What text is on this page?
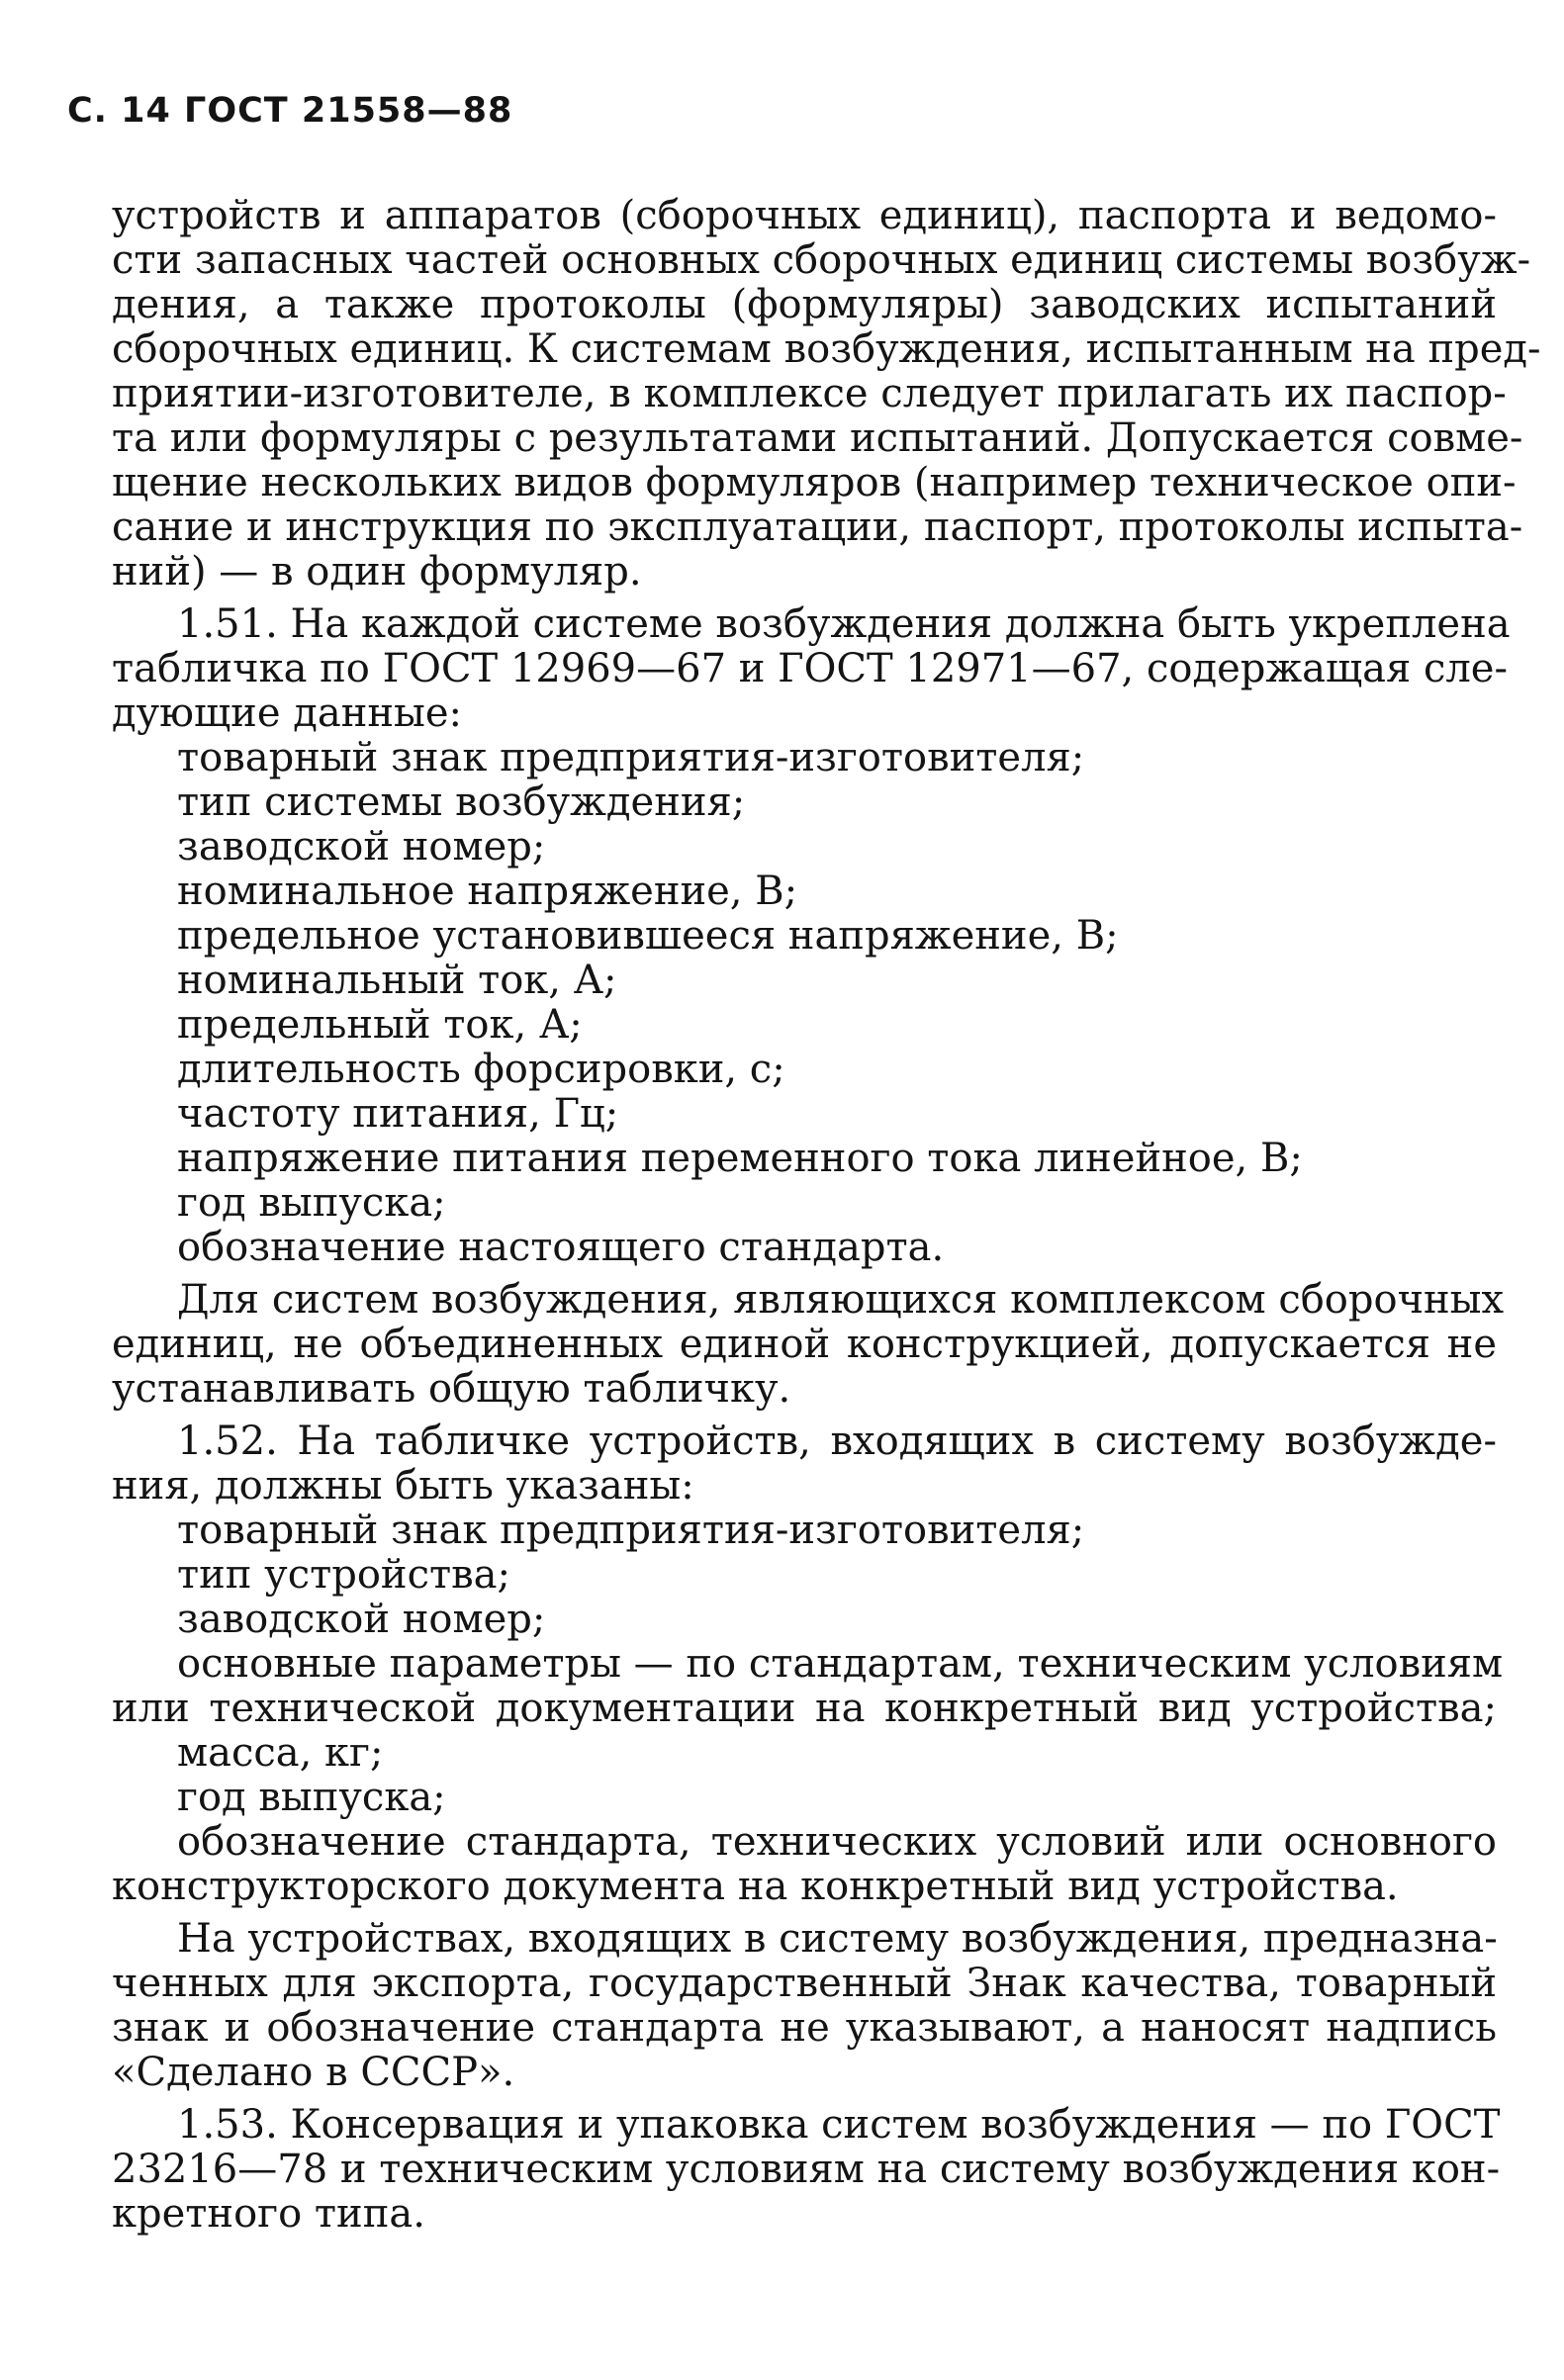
С. 14 ГОСТ 21558—88
устройств и аппаратов (сборочных единиц), паспорта и ведомо-
сти запасных частей основных сборочных единиц системы возбуж-
дения, а также протоколы (формуляры) заводских испытаний
сборочных единиц. К системам возбуждения, испытанным на пред-
приятии-изготовителе, в комплексе следует прилагать их паспор-
та или формуляры с результатами испытаний. Допускается совме-
щение нескольких видов формуляров (например техническое опи-
сание и инструкция по эксплуатации, паспорт, протоколы испыта-
ний) — в один формуляр.
1.51. На каждой системе возбуждения должна быть укреплена
табличка по ГОСТ 12969—67 и ГОСТ 12971—67, содержащая сле-
дующие данные:
товарный знак предприятия-изготовителя;
тип системы возбуждения;
заводской номер;
номинальное напряжение, В;
предельное установившееся напряжение, В;
номинальный ток, А;
предельный ток, А;
длительность форсировки, с;
частоту питания, Гц;
напряжение питания переменного тока линейное, В;
год выпуска;
обозначение настоящего стандарта.
Для систем возбуждения, являющихся комплексом сборочных
единиц, не объединенных единой конструкцией, допускается не
устанавливать общую табличку.
1.52. На табличке устройств, входящих в систему возбужде-
ния, должны быть указаны:
товарный знак предприятия-изготовителя;
тип устройства;
заводской номер;
основные параметры — по стандартам, техническим условиям
или технической документации на конкретный вид устройства;
масса, кг;
год выпуска;
обозначение стандарта, технических условий или основного
конструкторского документа на конкретный вид устройства.
На устройствах, входящих в систему возбуждения, предназна-
ченных для экспорта, государственный Знак качества, товарный
знак и обозначение стандарта не указывают, а наносят надпись
«Сделано в СССР».
1.53. Консервация и упаковка систем возбуждения — по ГОСТ
23216—78 и техническим условиям на систему возбуждения кон-
кретного типа.
